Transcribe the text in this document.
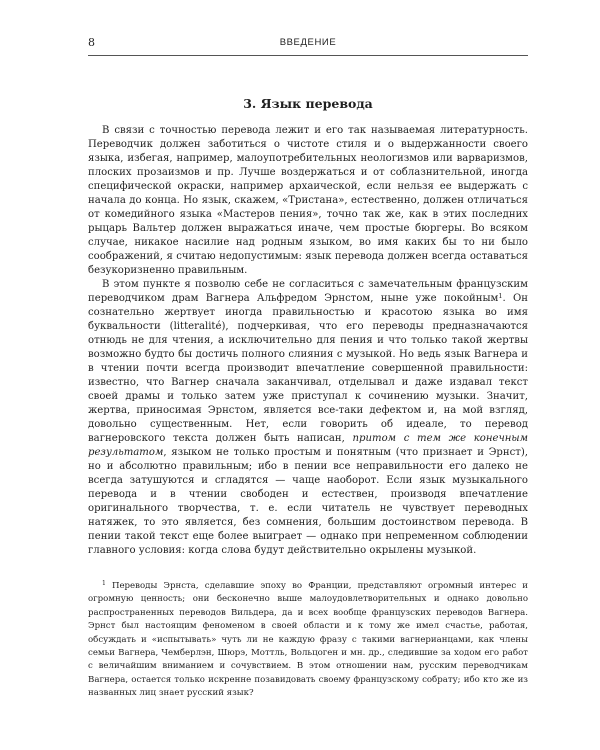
8	ВВЕДЕНИЕ
3. Язык перевода

В связи с точностью перевода лежит и его так называемая литературность. Переводчик должен заботиться о чистоте стиля и о выдержанности своего языка, избегая, например, малоупотребительных неологизмов или варваризмов, плоских прозаизмов и пр. Лучше воздержаться и от соблазнительной, иногда специфической окраски, например архаической, если нельзя ее выдержать с начала до конца. Но язык, скажем, «Тристана», естественно, должен отличаться от комедийного языка «Мастеров пения», точно так же, как в этих последних рыцарь Вальтер должен выражаться иначе, чем простые бюргеры. Во всяком случае, никакое насилие над родным языком, во имя каких бы то ни было соображений, я считаю недопустимым: язык перевода должен всегда оставаться безукоризненно правильным.

В этом пункте я позволю себе не согласиться с замечательным французским переводчиком драм Вагнера Альфредом Эрнстом, ныне уже покойным$^1$. Он сознательно жертвует иногда правильностью и красотою языка во имя буквальности (litteralité), подчеркивая, что его переводы предназначаются отнюдь не для чтения, а исключительно для пения и что только такой жертвы возможно будто бы достичь полного слияния с музыкой. Но ведь язык Вагнера и в чтении почти всегда производит впечатление совершенной правильности: известно, что Вагнер сначала заканчивал, отделывал и даже издавал текст своей драмы и только затем уже приступал к сочинению музыки. Значит, жертва, приносимая Эрнстом, является все-таки дефектом и, на мой взгляд, довольно существенным. Нет, если говорить об идеале, то перевод вагнеровского текста должен быть написан, притом с тем же конечным результатом, языком не только простым и понятным (что признает и Эрнст), но и абсолютно правильным; ибо в пении все неправильности его далеко не всегда затушуются и сгладятся — чаще наоборот. Если язык музыкального перевода и в чтении свободен и естествен, производя впечатление оригинального творчества, т. е. если читатель не чувствует переводных натяжек, то это является, без сомнения, большим достоинством перевода. В пении такой текст еще более выиграет — однако при непременном соблюдении главного условия: когда слова будут действительно окрылены музыкой.

$^1$ Переводы Эрнста, сделавшие эпоху во Франции, представляют огромный интерес и огромную ценность; они бесконечно выше малоудовлетворительных и однако довольно распространенных переводов Вильдера, да и всех вообще французских переводов Вагнера. Эрнст был настоящим феноменом в своей области и к тому же имел счастье, работая, обсуждать и «испытывать» чуть ли не каждую фразу с такими вагнерианцами, как члены семьи Вагнера, Чемберлэн, Шюрэ, Моттль, Вольцоген и мн. др., следившие за ходом его работ с величайшим вниманием и сочувствием. В этом отношении нам, русским переводчикам Вагнера, остается только искренне позавидовать своему французскому собрату; ибо кто же из названных лиц знает русский язык?
